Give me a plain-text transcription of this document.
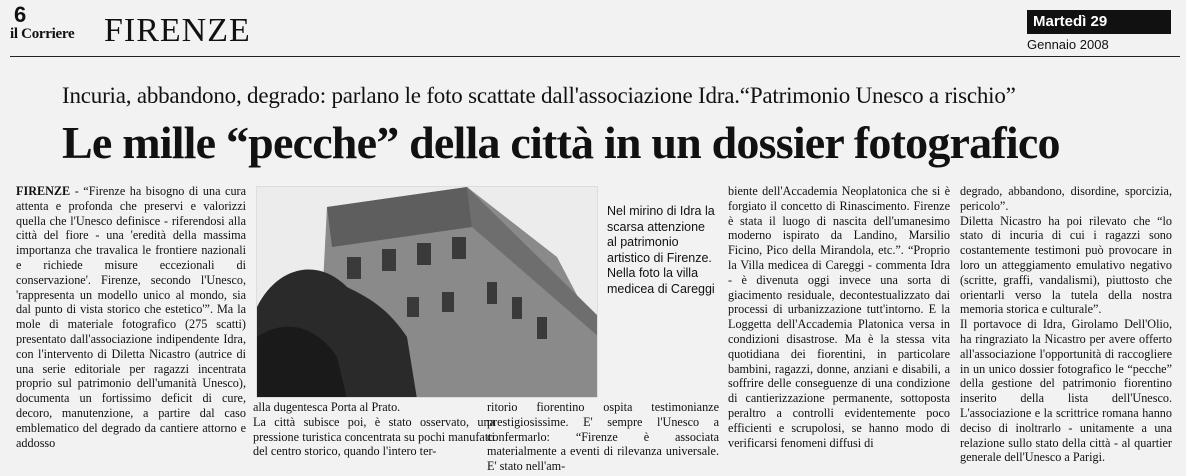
6
il Corriere FIRENZE	Martedì 29
Gennaio 2008
Incuria, abbandono, degrado: parlano le foto scattate dall'associazione Idra.“Patrimonio Unesco a rischio”
Le mille “pecche” della città in un dossier fotografico

FIRENZE - “Firenze ha bisogno di una cura attenta e profonda che preservi e valorizzi quella che l'Unesco definisce - riferendosi alla città del fiore - una 'eredità della massima importanza che travalica le frontiere nazionali e richiede misure eccezionali di conservazione'. Firenze, secondo l'Unesco, 'rappresenta un modello unico al mondo, sia dal punto di vista storico che estetico'”. Ma la mole di materiale fotografico (275 scatti) presentato dall'associazione indipendente Idra, con l'intervento di Diletta Nicastro (autrice di una serie editoriale per ragazzi incentrata proprio sul patrimonio dell'umanità Unesco), documenta un fortissimo deficit di cure, decoro, manutenzione, a partire dal caso emblematico del degrado da cantiere attorno e addosso

Nel mirino di Idra la scarsa attenzione al patrimonio artistico di Firenze. Nella foto la villa medicea di Careggi

alla dugentesca Porta al Prato.

La città subisce poi, è stato osservato, una pressione turistica concentrata su pochi manufatti del centro storico, quando l'intero ter-

ritorio fiorentino ospita testimonianze prestigiosissime. E' sempre l'Unesco a confermarlo: “Firenze è associata materialmente a eventi di rilevanza universale. E' stato nell'am-

biente dell'Accademia Neoplatonica che si è forgiato il concetto di Rinascimento. Firenze è stata il luogo di nascita dell'umanesimo moderno ispirato da Landino, Marsilio Ficino, Pico della Mirandola, etc.”. “Proprio la Villa medicea di Careggi - commenta Idra - è divenuta oggi invece una sorta di giacimento residuale, decontestualizzato dai processi di urbanizzazione tutt'intorno. E la Loggetta dell'Accademia Platonica versa in condizioni disastrose. Ma è la stessa vita quotidiana dei fiorentini, in particolare bambini, ragazzi, donne, anziani e disabili, a soffrire delle conseguenze di una condizione di cantierizzazione permanente, sottoposta peraltro a controlli evidentemente poco efficienti e scrupolosi, se hanno modo di verificarsi fenomeni diffusi di

degrado, abbandono, disordine, sporcizia, pericolo”.

Diletta Nicastro ha poi rilevato che “lo stato di incuria di cui i ragazzi sono costantemente testimoni può provocare in loro un atteggiamento emulativo negativo (scritte, graffi, vandalismi), piuttosto che orientarli verso la tutela della nostra memoria storica e culturale”.

Il portavoce di Idra, Girolamo Dell'Olio, ha ringraziato la Nicastro per avere offerto all'associazione l'opportunità di raccogliere in un unico dossier fotografico le “pecche” della gestione del patrimonio fiorentino inserito della lista dell'Unesco. L'associazione e la scrittrice romana hanno deciso di inoltrarlo - unitamente a una relazione sullo stato della città - al quartier generale dell'Unesco a Parigi.
